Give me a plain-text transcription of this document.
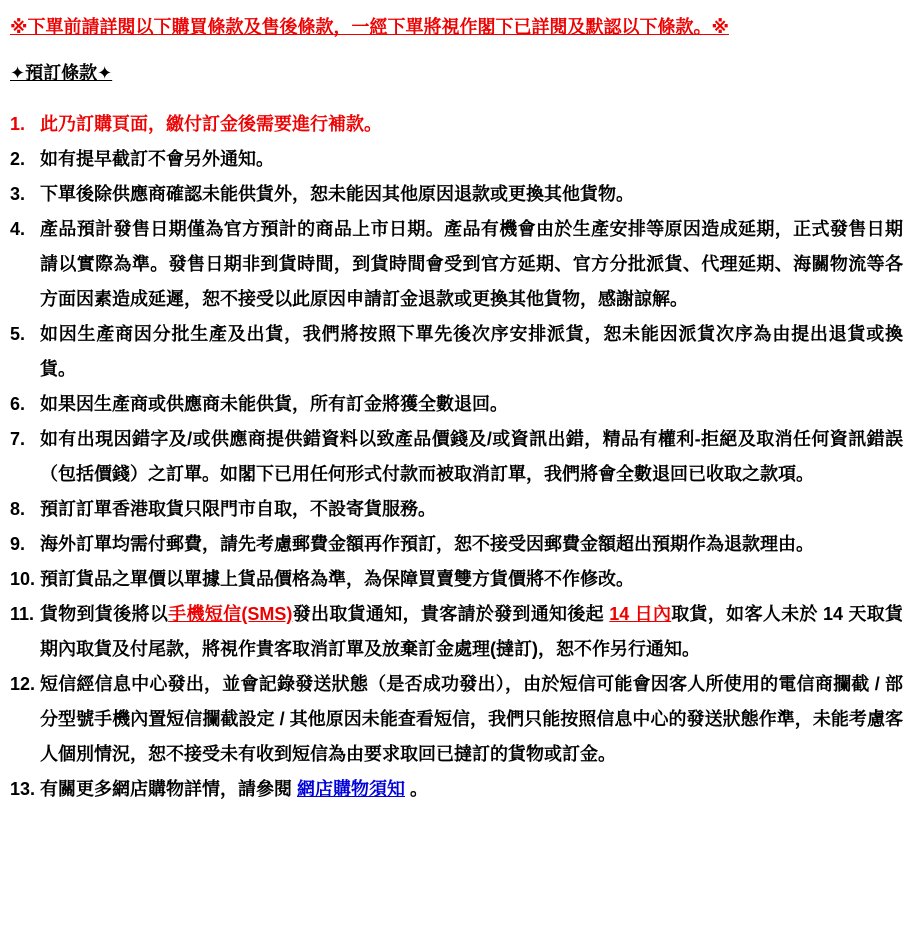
※下單前請詳閱以下購買條款及售後條款，一經下單將視作閣下已詳閱及默認以下條款。※
✦預訂條款✦
1. 此乃訂購頁面，繳付訂金後需要進行補款。
2. 如有提早截訂不會另外通知。
3. 下單後除供應商確認未能供貨外，恕未能因其他原因退款或更換其他貨物。
4. 產品預計發售日期僅為官方預計的商品上市日期。產品有機會由於生產安排等原因造成延期，正式發售日期請以實際為準。發售日期非到貨時間，到貨時間會受到官方延期、官方分批派貨、代理延期、海關物流等各方面因素造成延遲，恕不接受以此原因申請訂金退款或更換其他貨物，感謝諒解。
5. 如因生產商因分批生產及出貨，我們將按照下單先後次序安排派貨，恕未能因派貨次序為由提出退貨或換貨。
6. 如果因生產商或供應商未能供貨，所有訂金將獲全數退回。
7. 如有出現因錯字及/或供應商提供錯資料以致產品價錢及/或資訊出錯，精品有權利-拒絕及取消任何資訊錯誤（包括價錢）之訂單。如閣下已用任何形式付款而被取消訂單，我們將會全數退回已收取之款項。
8. 預訂訂單香港取貨只限門市自取，不設寄貨服務。
9. 海外訂單均需付郵費，請先考慮郵費金額再作預訂，恕不接受因郵費金額超出預期作為退款理由。
10. 預訂貨品之單價以單據上貨品價格為準，為保障買賣雙方貨價將不作修改。
11. 貨物到貨後將以手機短信(SMS)發出取貨通知，貴客請於發到通知後起 14 日內取貨，如客人未於 14 天取貨期內取貨及付尾款，將視作貴客取消訂單及放棄訂金處理(撻訂)，恕不作另行通知。
12. 短信經信息中心發出，並會記錄發送狀態（是否成功發出），由於短信可能會因客人所使用的電信商攔截 / 部分型號手機內置短信攔截設定 / 其他原因未能查看短信，我們只能按照信息中心的發送狀態作準，未能考慮客人個別情況，恕不接受未有收到短信為由要求取回已撻訂的貨物或訂金。
13. 有關更多網店購物詳情，請參閱 網店購物須知 。
